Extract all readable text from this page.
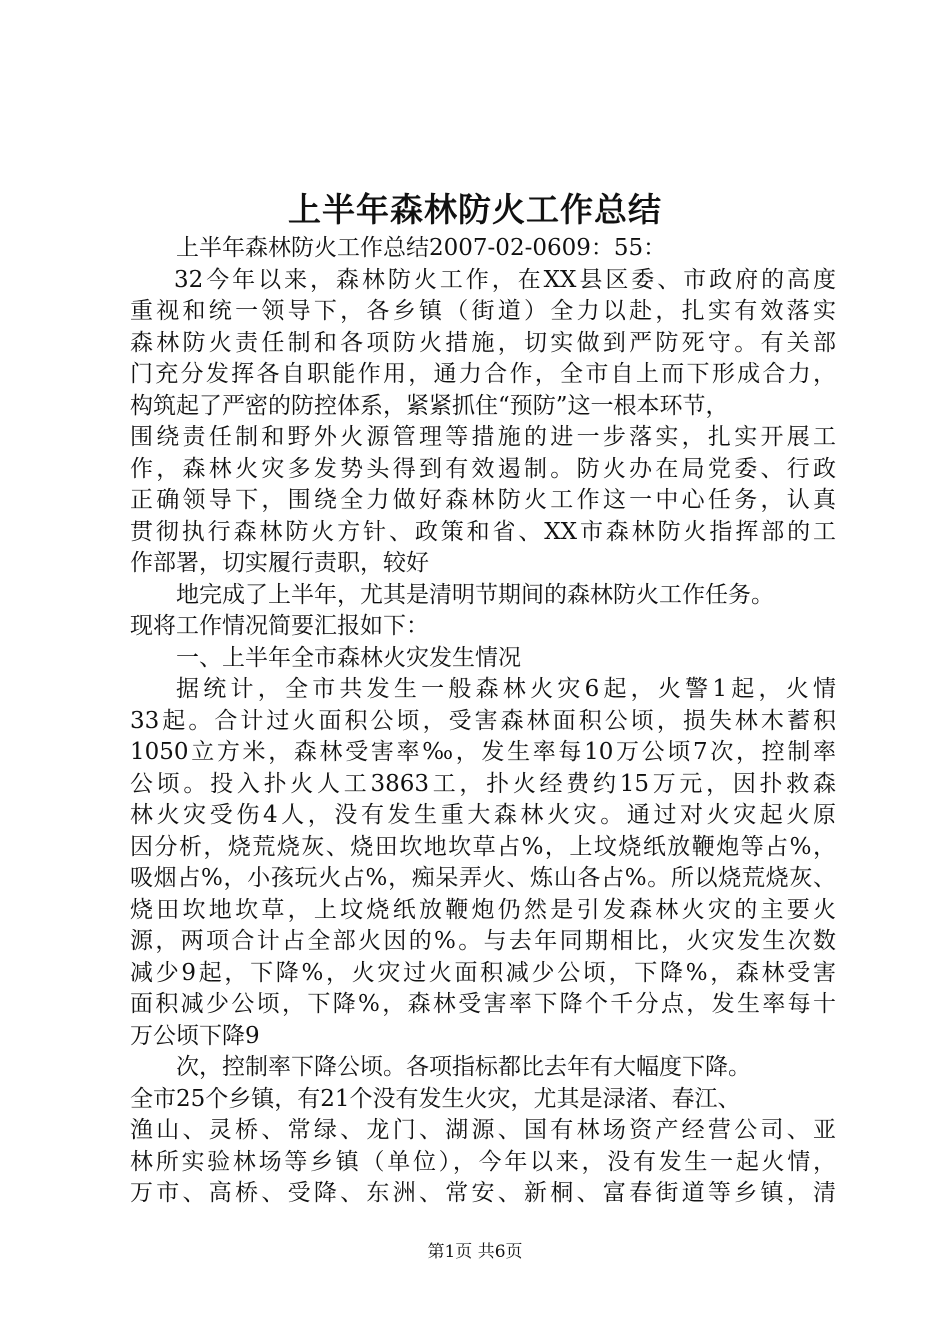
上半年森林防火工作总结

上半年森林防火工作总结2007-02-0609：55：

32今年以来，森林防火工作，在XX县区委、市政府的高度

重视和统一领导下，各乡镇（街道）全力以赴，扎实有效落实

森林防火责任制和各项防火措施，切实做到严防死守。有关部

门充分发挥各自职能作用，通力合作，全市自上而下形成合力，

构筑起了严密的防控体系，紧紧抓住“预防”这一根本环节，

围绕责任制和野外火源管理等措施的进一步落实，扎实开展工

作，森林火灾多发势头得到有效遏制。防火办在局党委、行政

正确领导下，围绕全力做好森林防火工作这一中心任务，认真

贯彻执行森林防火方针、政策和省、XX市森林防火指挥部的工

作部署，切实履行责职，较好

地完成了上半年，尤其是清明节期间的森林防火工作任务。

现将工作情况简要汇报如下：

一、上半年全市森林火灾发生情况

据统计，全市共发生一般森林火灾6起，火警1起，火情

33起。合计过火面积公顷，受害森林面积公顷，损失林木蓄积

1050立方米，森林受害率‰，发生率每10万公顷7次，控制率

公顷。投入扑火人工3863工，扑火经费约15万元，因扑救森

林火灾受伤4人，没有发生重大森林火灾。通过对火灾起火原

因分析，烧荒烧灰、烧田坎地坎草占%，上坟烧纸放鞭炮等占%，

吸烟占%，小孩玩火占%，痴呆弄火、炼山各占%。所以烧荒烧灰、

烧田坎地坎草，上坟烧纸放鞭炮仍然是引发森林火灾的主要火

源，两项合计占全部火因的%。与去年同期相比，火灾发生次数

减少9起，下降%，火灾过火面积减少公顷，下降%，森林受害

面积减少公顷，下降%，森林受害率下降个千分点，发生率每十

万公顷下降9

次，控制率下降公顷。各项指标都比去年有大幅度下降。

全市25个乡镇，有21个没有发生火灾，尤其是渌渚、春江、

渔山、灵桥、常绿、龙门、湖源、国有林场资产经营公司、亚

林所实验林场等乡镇（单位），今年以来，没有发生一起火情，

万市、高桥、受降、东洲、常安、新桐、富春街道等乡镇，清

第1页 共6页
